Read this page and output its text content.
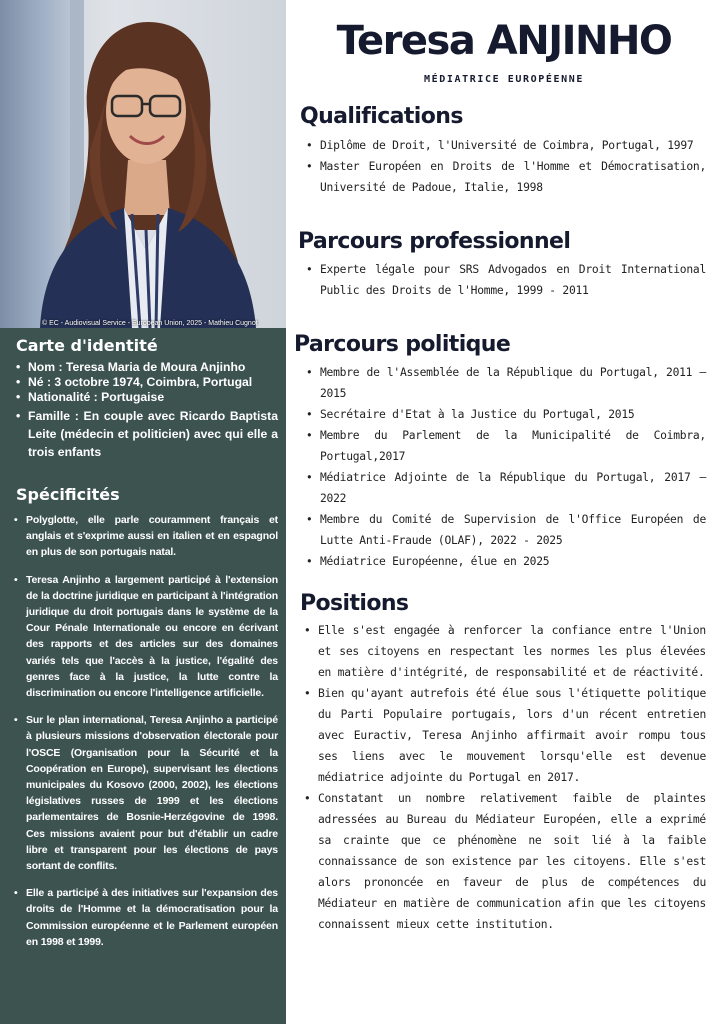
© EC - Audiovisual Service - European Union, 2025 - Mathieu Cugnot
Carte d'identité
• Nom : Teresa Maria de Moura Anjinho
• Né : 3 octobre 1974, Coimbra, Portugal
• Nationalité : Portugaise
• Famille : En couple avec Ricardo Baptista Leite (médecin et politicien) avec qui elle a trois enfants
Spécificités
• Polyglotte, elle parle couramment français et anglais et s'exprime aussi en italien et en espagnol en plus de son portugais natal.
• Teresa Anjinho a largement participé à l'extension de la doctrine juridique en participant à l'intégration juridique du droit portugais dans le système de la Cour Pénale Internationale ou encore en écrivant des rapports et des articles sur des domaines variés tels que l'accès à la justice, l'égalité des genres face à la justice, la lutte contre la discrimination ou encore l'intelligence artificielle.
• Sur le plan international, Teresa Anjinho a participé à plusieurs missions d'observation électorale pour l'OSCE (Organisation pour la Sécurité et la Coopération en Europe), supervisant les élections municipales du Kosovo (2000, 2002), les élections législatives russes de 1999 et les élections parlementaires de Bosnie-Herzégovine de 1998. Ces missions avaient pour but d'établir un cadre libre et transparent pour les élections de pays sortant de conflits.
• Elle a participé à des initiatives sur l'expansion des droits de l'Homme et la démocratisation pour la Commission européenne et le Parlement européen en 1998 et 1999.
Teresa ANJINHO
MÉDIATRICE EUROPÉENNE
Qualifications
• Diplôme de Droit, l'Université de Coimbra, Portugal, 1997
• Master Européen en Droits de l'Homme et Démocratisation, Université de Padoue, Italie, 1998
Parcours professionnel
• Experte légale pour SRS Advogados en Droit International Public des Droits de l'Homme, 1999 - 2011
Parcours politique
• Membre de l'Assemblée de la République du Portugal, 2011 – 2015
• Secrétaire d'Etat à la Justice du Portugal, 2015
• Membre du Parlement de la Municipalité de Coimbra, Portugal,2017
• Médiatrice Adjointe de la République du Portugal, 2017 – 2022
• Membre du Comité de Supervision de l'Office Européen de Lutte Anti-Fraude (OLAF), 2022 - 2025
• Médiatrice Européenne, élue en 2025
Positions
• Elle s'est engagée à renforcer la confiance entre l'Union et ses citoyens en respectant les normes les plus élevées en matière d'intégrité, de responsabilité et de réactivité.
• Bien qu'ayant autrefois été élue sous l'étiquette politique du Parti Populaire portugais, lors d'un récent entretien avec Euractiv, Teresa Anjinho affirmait avoir rompu tous ses liens avec le mouvement lorsqu'elle est devenue médiatrice adjointe du Portugal en 2017.
• Constatant un nombre relativement faible de plaintes adressées au Bureau du Médiateur Européen, elle a exprimé sa crainte que ce phénomène ne soit lié à la faible connaissance de son existence par les citoyens. Elle s'est alors prononcée en faveur de plus de compétences du Médiateur en matière de communication afin que les citoyens connaissent mieux cette institution.
